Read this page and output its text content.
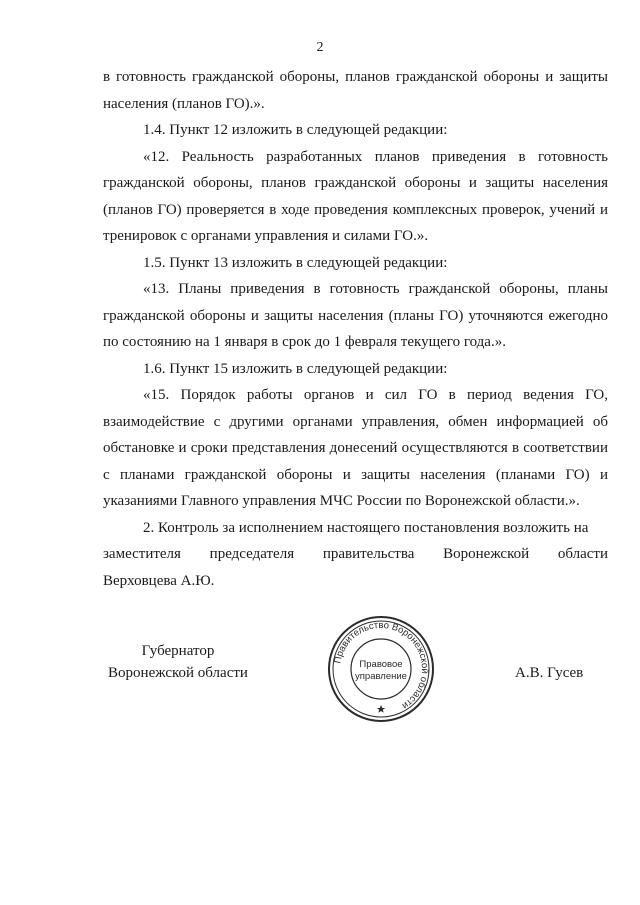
2

в готовность гражданской обороны, планов гражданской обороны и защиты населения (планов ГО).».

1.4. Пункт 12 изложить в следующей редакции:

«12. Реальность разработанных планов приведения в готовность гражданской обороны, планов гражданской обороны и защиты населения (планов ГО) проверяется в ходе проведения комплексных проверок, учений и тренировок с органами управления и силами ГО.».

1.5. Пункт 13 изложить в следующей редакции:

«13. Планы приведения в готовность гражданской обороны, планы гражданской обороны и защиты населения (планы ГО) уточняются ежегодно по состоянию на 1 января в срок до 1 февраля текущего года.».

1.6. Пункт 15 изложить в следующей редакции:

«15. Порядок работы органов и сил ГО в период ведения ГО, взаимодействие с другими органами управления, обмен информацией об обстановке и сроки представления донесений осуществляются в соответствии с планами гражданской обороны и защиты населения (планами ГО) и указаниями Главного управления МЧС России по Воронежской области.».

2. Контроль за исполнением настоящего постановления возложить на

заместителя председателя правительства Воронежской области

Верховцева А.Ю.

Губернатор
Воронежской области

Правительство Воронежской области
Правовое
управление	А.В. Гусев
